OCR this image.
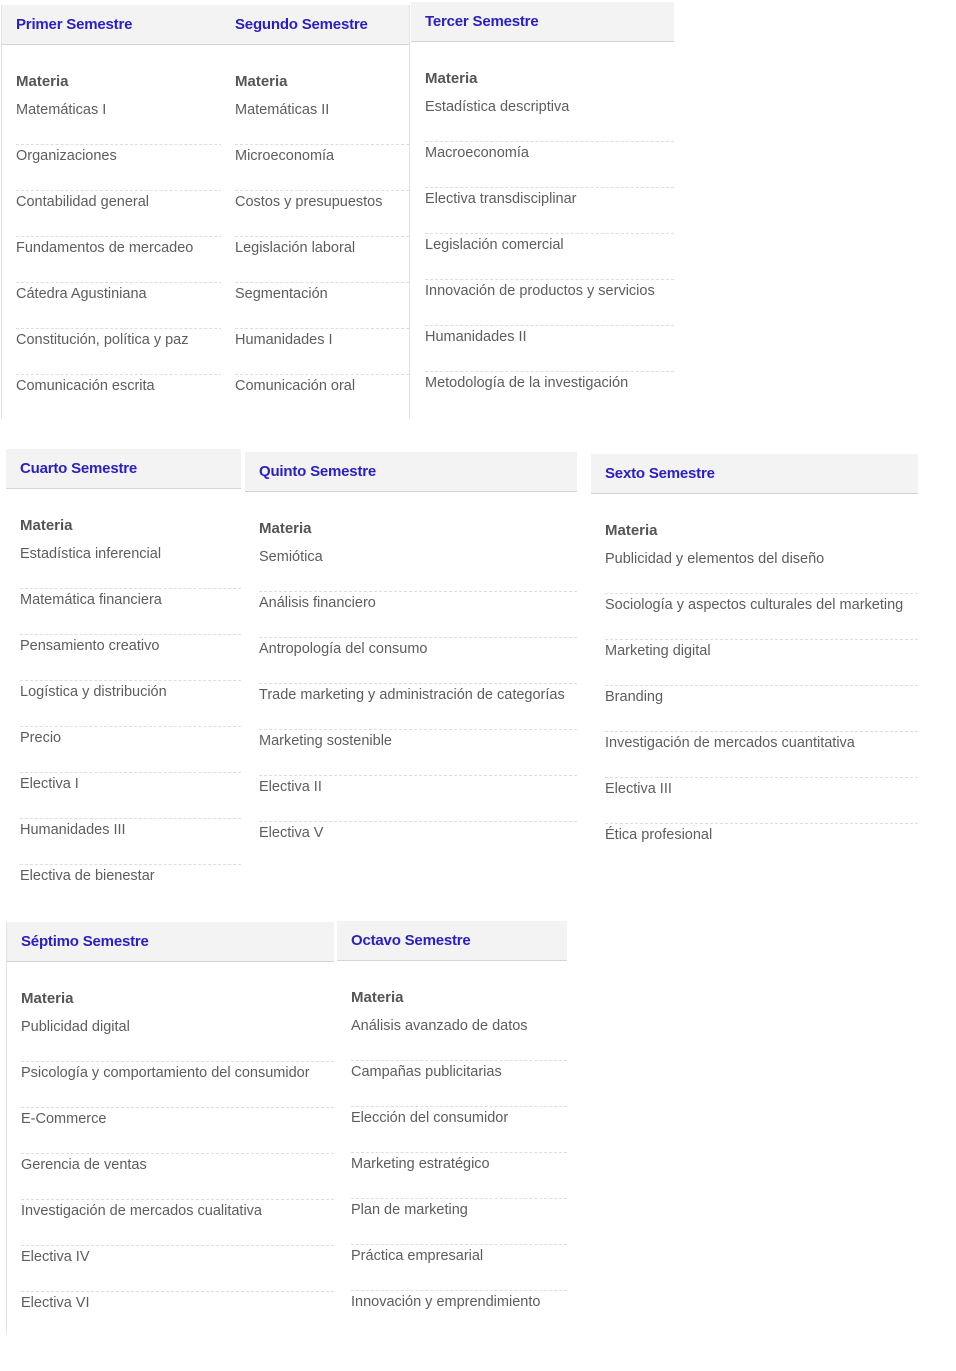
Primer Semestre
Materia
Matemáticas I
Organizaciones
Contabilidad general
Fundamentos de mercadeo
Cátedra Agustiniana
Constitución, política y paz
Comunicación escrita
Segundo Semestre
Materia
Matemáticas II
Microeconomía
Costos y presupuestos
Legislación laboral
Segmentación
Humanidades I
Comunicación oral
Tercer Semestre
Materia
Estadística descriptiva
Macroeconomía
Electiva transdisciplinar
Legislación comercial
Innovación de productos y servicios
Humanidades II
Metodología de la investigación
Cuarto Semestre
Materia
Estadística inferencial
Matemática financiera
Pensamiento creativo
Logística y distribución
Precio
Electiva I
Humanidades III
Electiva de bienestar
Quinto Semestre
Materia
Semiótica
Análisis financiero
Antropología del consumo
Trade marketing y administración de categorías
Marketing sostenible
Electiva II
Electiva V
Sexto Semestre
Materia
Publicidad y elementos del diseño
Sociología y aspectos culturales del marketing
Marketing digital
Branding
Investigación de mercados cuantitativa
Electiva III
Ética profesional
Séptimo Semestre
Materia
Publicidad digital
Psicología y comportamiento del consumidor
E-Commerce
Gerencia de ventas
Investigación de mercados cualitativa
Electiva IV
Electiva VI
Octavo Semestre
Materia
Análisis avanzado de datos
Campañas publicitarias
Elección del consumidor
Marketing estratégico
Plan de marketing
Práctica empresarial
Innovación y emprendimiento
